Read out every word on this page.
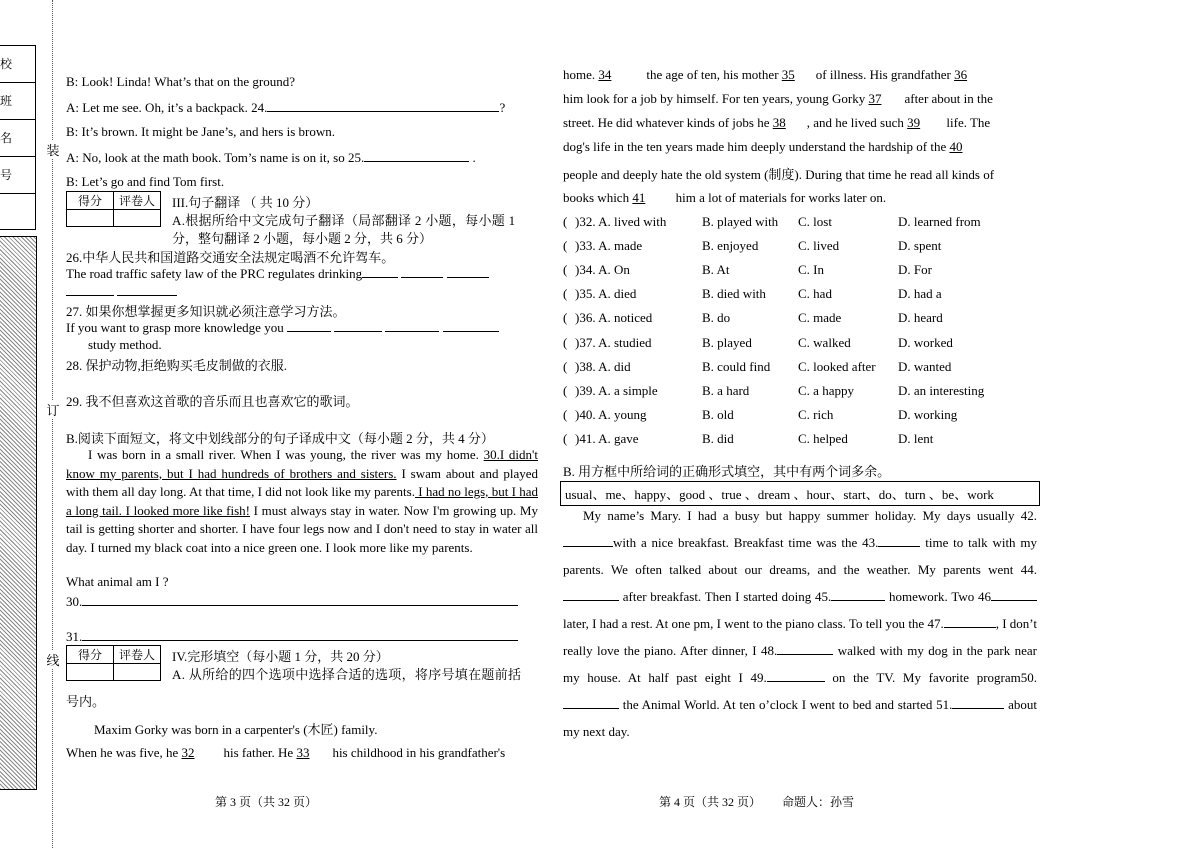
校
班
名
号
装
订
线
B: Look! Linda! What’s that on the ground?
A: Let me see. Oh, it’s a backpack. 24.	?
B: It’s brown. It might be Jane’s, and hers is brown.
A: No, look at the math book. Tom’s name is on it, so 25.	.
B: Let’s go and find Tom first.
得分	评卷人
	III.句子翻译 （ 共 10 分）
A.根据所给中文完成句子翻译（局部翻译 2 小题，每小题 1
分，整句翻译 2 小题，每小题 2 分，共 6 分）
26.中华人民共和国道路交通安全法规定喝酒不允许驾车。
The road traffic safety law of the PRC regulates drinking

27. 如果你想掌握更多知识就必须注意学习方法。
If you want to grasp more knowledge you
study method.
28. 保护动物,拒绝购买毛皮制做的衣服.
29. 我不但喜欢这首歌的音乐而且也喜欢它的歌词。
B.阅读下面短文，将文中划线部分的句子译成中文（每小题 2 分，共 4 分）
I was born in a small river. When I was young, the river was my home. 30.I didn't know my parents, but I had hundreds of brothers and sisters. I swam about and played with them all day long. At that time, I did not look like my parents. I had no legs, but I had a long tail. I looked more like fish! I must always stay in water. Now I'm growing up. My tail is getting shorter and shorter. I have four legs now and I don't need to stay in water all day. I turned my black coat into a nice green one. I look more like my parents.
What animal am I ?
30.
31.
得分	评卷人
	IV.完形填空（每小题 1 分，共 20 分）
A. 从所给的四个选项中选择合适的选项，将序号填在题前括
号内。
Maxim Gorky was born in a carpenter's (木匠) family.
When he was five, he 32 his father. He 33 his childhood in his grandfather's
第 3 页（共 32 页）
home. 34	the age of ten, his mother 35 of illness. His grandfather 36
him look for a job by himself. For ten years, young Gorky 37 after about in the
street. He did whatever kinds of jobs he 38 , and he lived such 39 life. The
dog's life in the ten years made him deeply understand the hardship of the 40
people and deeply hate the old system (制度). During that time he read all kinds of
books which 41 him a lot of materials for works later on.
( )32. A. lived with	B. played with C. lost	D. learned from
( )33. A. made	B. enjoyed	C. lived	D. spent
( )34. A. On	B. At	C. In	D. For
( )35. A. died	B. died with C. had	D. had a
( )36. A. noticed	B. do	C. made	D. heard
( )37. A. studied	B. played	C. walked	D. worked
( )38. A. did	B. could find C. looked after D. wanted
( )39. A. a simple	B. a hard	C. a happy	D. an interesting
( )40. A. young	B. old	C. rich	D. working
( )41. A. gave	B. did	C. helped	D. lent
B. 用方框中所给词的正确形式填空，其中有两个词多余。
usual、me、happy、good 、true 、dream 、hour、start、do、turn 、be、work
My name’s Mary. I had a busy but happy summer holiday. My days usually 42.with a nice breakfast. Breakfast time was the 43.	time to talk with my parents. We often talked about our dreams, and the weather. My parents went 44. after breakfast. Then I started doing 45.	homework. Two 46 later, I had a rest. At one pm, I went to the piano class. To tell you the 47.	, I don’t really love the piano. After dinner, I 48.	walked with my dog in the park near my house. At half past eight I 49.	on the TV. My favorite program50.  the Animal World. At ten o’clock I went to bed and started 51.	about my next day.
第 4 页（共 32 页）       命题人：孙雪
